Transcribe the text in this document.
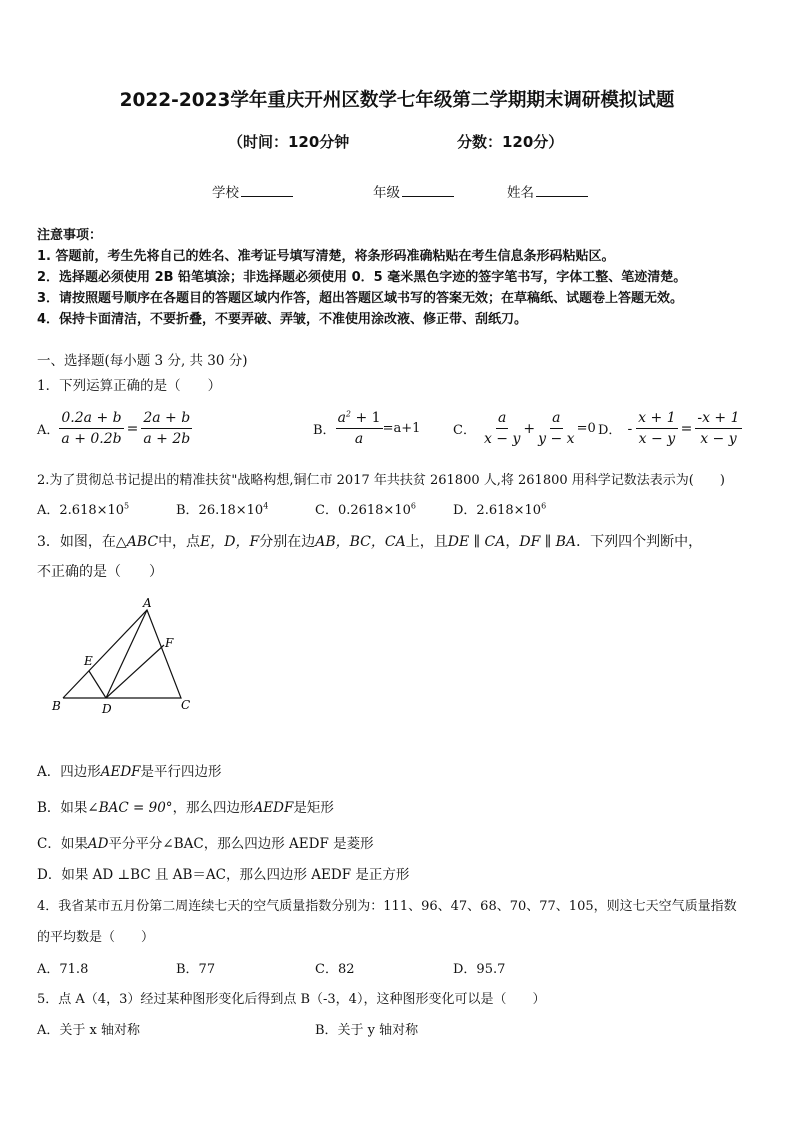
2022-2023学年重庆开州区数学七年级第二学期期末调研模拟试题
（时间：120分钟	分数：120分）
学校	年级	姓名
注意事项：
1. 答题前，考生先将自己的姓名、准考证号填写清楚，将条形码准确粘贴在考生信息条形码粘贴区。
2．选择题必须使用 2B 铅笔填涂；非选择题必须使用 0．5 毫米黑色字迹的签字笔书写，字体工整、笔迹清楚。
3．请按照题号顺序在各题目的答题区域内作答，超出答题区域书写的答案无效；在草稿纸、试题卷上答题无效。
4．保持卡面清洁，不要折叠，不要弄破、弄皱，不准使用涂改液、修正带、刮纸刀。
一、选择题(每小题 3 分, 共 30 分)
1．下列运算正确的是（　　）
A． $\frac{0.2a + b}{a + 0.2b} = \frac{2a + b}{a + 2b}$	B． $\frac{a^2 + 1}{a} =a+1$	C． $\frac{a}{x - y} + \frac{a}{y - x} =0$ D． - $\frac{x + 1}{x - y} = \frac{-x + 1}{x - y}$
2.为了贯彻总书记提出的精准扶贫"战略构想,铜仁市 2017 年共扶贫 261800 人,将 261800 用科学记数法表示为(　　)
A．$2.618\times 10^5$	B．$26.18\times 10^4$	C．$0.2618\times 10^6$	D．$2.618\times 10^6$
3．如图，在△ABC中，点E，D，F分别在边AB，BC，CA上，且DE ∥ CA，DF ∥ BA．下列四个判断中，
不正确的是（　　）
A
B	C
D
E
F
A．四边形AEDF是平行四边形
B．如果∠BAC = 90°，那么四边形AEDF是矩形
C．如果AD平分平分∠BAC，那么四边形 AEDF 是菱形
D．如果 AD ⊥BC 且 AB＝AC，那么四边形 AEDF 是正方形
4．我省某市五月份第二周连续七天的空气质量指数分别为：111、96、47、68、70、77、105，则这七天空气质量指数
的平均数是（　　）
A．71.8	B．77	C．82	D．95.7
5．点 A（4，3）经过某种图形变化后得到点 B（-3，4），这种图形变化可以是（　　）
A．关于 x 轴对称	B．关于 y 轴对称
